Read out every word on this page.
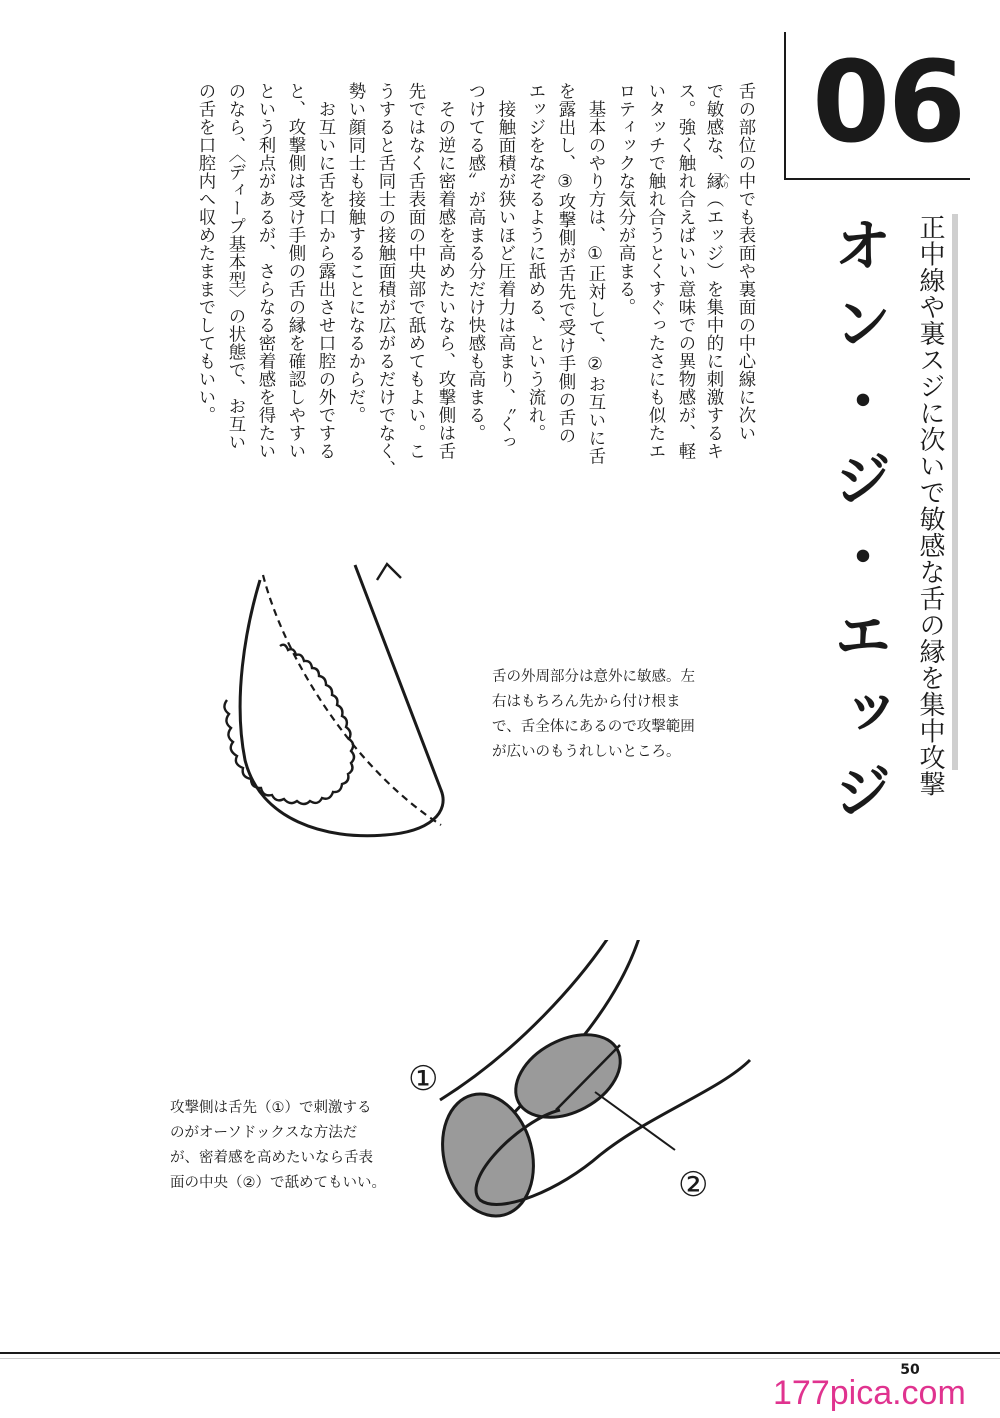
06
オン・ジ・エッジ 正中線や裏スジに次いで敏感な舌の縁を集中攻撃
舌の部位の中でも表面や裏面の中心線に次い
で敏感な、縁へり（エッジ）を集中的に刺激するキ
ス。強く触れ合えばいい意味での異物感が、軽
いタッチで触れ合うとくすぐったさにも似たエ
ロティックな気分が高まる。
　基本のやり方は、①正対して、②お互いに舌
を露出し、③攻撃側が舌先で受け手側の舌の
エッジをなぞるように舐める、という流れ。
　接触面積が狭いほど圧着力は高まり、〝くっ
つけてる感〟が高まる分だけ快感も高まる。
　その逆に密着感を高めたいなら、攻撃側は舌
先ではなく舌表面の中央部で舐めてもよい。こ
うすると舌同士の接触面積が広がるだけでなく、
勢い顔同士も接触することになるからだ。
　お互いに舌を口から露出させ口腔の外でする
と、攻撃側は受け手側の舌の縁を確認しやすい
という利点があるが、さらなる密着感を得たい
のなら、〈ディープ基本型〉の状態で、お互い
の舌を口腔内へ収めたままでしてもいい。
舌の外周部分は意外に敏感。左
右はもちろん先から付け根ま
で、舌全体にあるので攻撃範囲
が広いのもうれしいところ。
①
②
攻撃側は舌先（①）で刺激する
のがオーソドックスな方法だ
が、密着感を高めたいなら舌表
面の中央（②）で舐めてもいい。
50
177pica.com
